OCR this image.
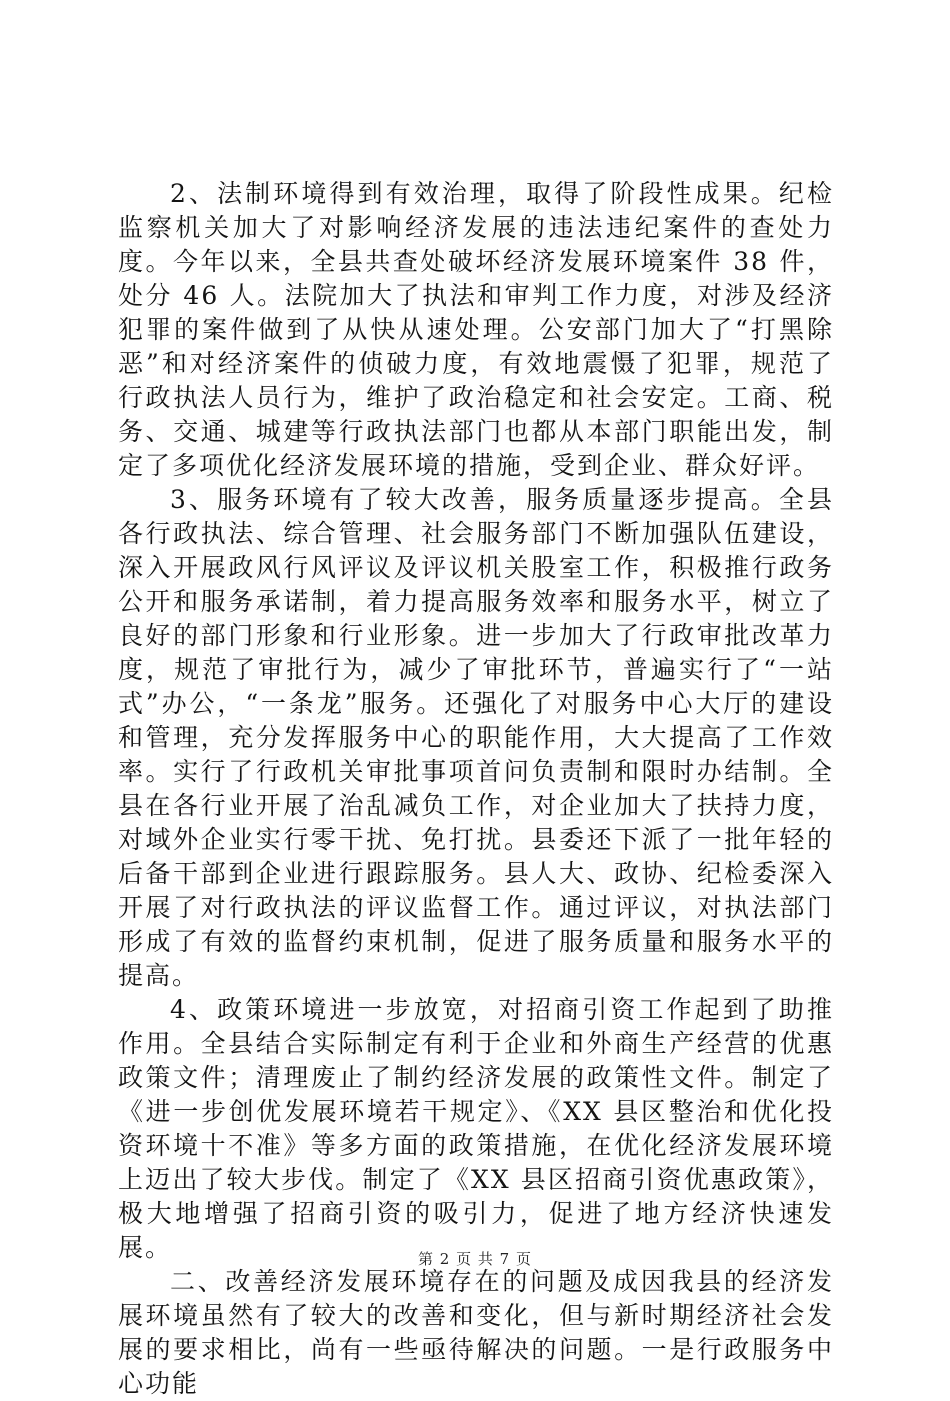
2、法制环境得到有效治理，取得了阶段性成果。纪检监察机关加大了对影响经济发展的违法违纪案件的查处力度。今年以来，全县共查处破坏经济发展环境案件 38 件，处分 46 人。法院加大了执法和审判工作力度，对涉及经济犯罪的案件做到了从快从速处理。公安部门加大了“打黑除恶”和对经济案件的侦破力度，有效地震慑了犯罪，规范了行政执法人员行为，维护了政治稳定和社会安定。工商、税务、交通、城建等行政执法部门也都从本部门职能出发，制定了多项优化经济发展环境的措施，受到企业、群众好评。

3、服务环境有了较大改善，服务质量逐步提高。全县各行政执法、综合管理、社会服务部门不断加强队伍建设，深入开展政风行风评议及评议机关股室工作，积极推行政务公开和服务承诺制，着力提高服务效率和服务水平，树立了良好的部门形象和行业形象。进一步加大了行政审批改革力度，规范了审批行为，减少了审批环节，普遍实行了“一站式”办公，“一条龙”服务。还强化了对服务中心大厅的建设和管理，充分发挥服务中心的职能作用，大大提高了工作效率。实行了行政机关审批事项首问负责制和限时办结制。全县在各行业开展了治乱减负工作，对企业加大了扶持力度，对域外企业实行零干扰、免打扰。县委还下派了一批年轻的后备干部到企业进行跟踪服务。县人大、政协、纪检委深入开展了对行政执法的评议监督工作。通过评议，对执法部门形成了有效的监督约束机制，促进了服务质量和服务水平的提高。

4、政策环境进一步放宽，对招商引资工作起到了助推作用。全县结合实际制定有利于企业和外商生产经营的优惠政策文件；清理废止了制约经济发展的政策性文件。制定了《进一步创优发展环境若干规定》、《XX 县区整治和优化投资环境十不准》等多方面的政策措施，在优化经济发展环境上迈出了较大步伐。制定了《XX 县区招商引资优惠政策》，极大地增强了招商引资的吸引力，促进了地方经济快速发展。

二、改善经济发展环境存在的问题及成因我县的经济发展环境虽然有了较大的改善和变化，但与新时期经济社会发展的要求相比，尚有一些亟待解决的问题。一是行政服务中心功能

第 2 页 共 7 页
